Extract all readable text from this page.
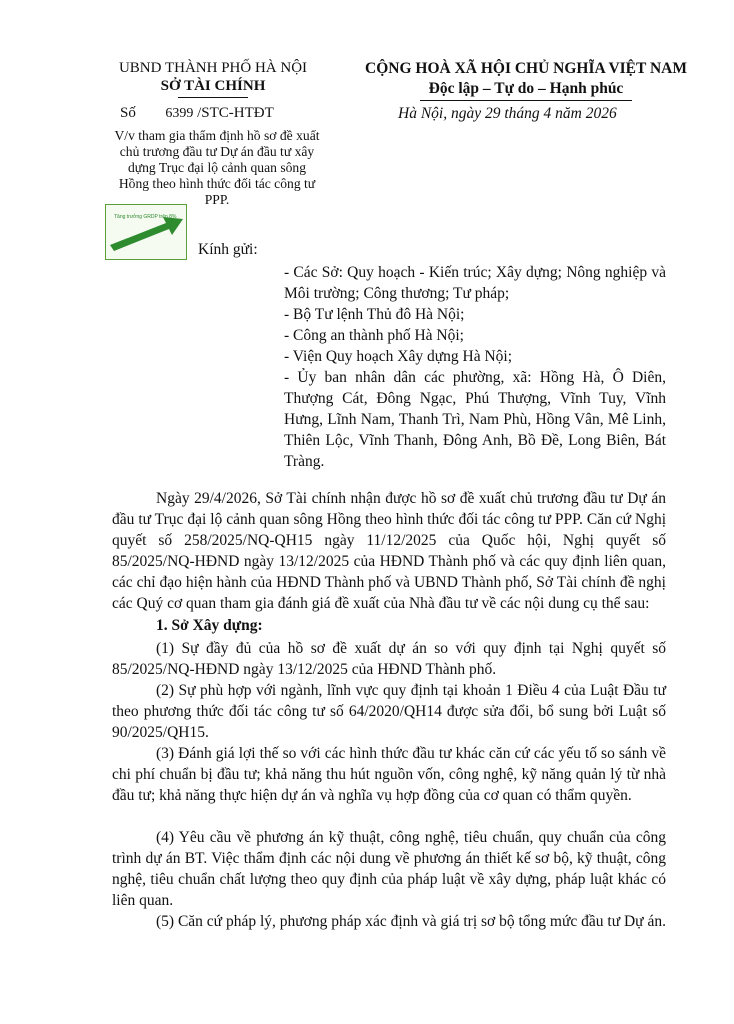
UBND THÀNH PHỐ HÀ NỘI
SỞ TÀI CHÍNH
CỘNG HOÀ XÃ HỘI CHỦ NGHĨA VIỆT NAM
Độc lập – Tự do – Hạnh phúc
Số 6399 /STC-HTĐT	Hà Nội, ngày 29 tháng 4 năm 2026
V/v tham gia thẩm định hồ sơ đề xuất chủ trương đầu tư Dự án đầu tư xây dựng Trục đại lộ cảnh quan sông Hồng theo hình thức đối tác công tư PPP.
Tăng trưởng GRDP trên 8%
Kính gửi:
- Các Sở: Quy hoạch - Kiến trúc; Xây dựng; Nông nghiệp và Môi trường; Công thương; Tư pháp;
- Bộ Tư lệnh Thủ đô Hà Nội;
- Công an thành phố Hà Nội;
- Viện Quy hoạch Xây dựng Hà Nội;
- Ủy ban nhân dân các phường, xã: Hồng Hà, Ô Diên, Thượng Cát, Đông Ngạc, Phú Thượng, Vĩnh Tuy, Vĩnh Hưng, Lĩnh Nam, Thanh Trì, Nam Phù, Hồng Vân, Mê Linh, Thiên Lộc, Vĩnh Thanh, Đông Anh, Bồ Đề, Long Biên, Bát Tràng.
Ngày 29/4/2026, Sở Tài chính nhận được hồ sơ đề xuất chủ trương đầu tư Dự án đầu tư Trục đại lộ cảnh quan sông Hồng theo hình thức đối tác công tư PPP. Căn cứ Nghị quyết số 258/2025/NQ-QH15 ngày 11/12/2025 của Quốc hội, Nghị quyết số 85/2025/NQ-HĐND ngày 13/12/2025 của HĐND Thành phố và các quy định liên quan, các chỉ đạo hiện hành của HĐND Thành phố và UBND Thành phố, Sở Tài chính đề nghị các Quý cơ quan tham gia đánh giá đề xuất của Nhà đầu tư về các nội dung cụ thể sau:
1. Sở Xây dựng:
(1) Sự đầy đủ của hồ sơ đề xuất dự án so với quy định tại Nghị quyết số 85/2025/NQ-HĐND ngày 13/12/2025 của HĐND Thành phố.
(2) Sự phù hợp với ngành, lĩnh vực quy định tại khoản 1 Điều 4 của Luật Đầu tư theo phương thức đối tác công tư số 64/2020/QH14 được sửa đổi, bổ sung bởi Luật số 90/2025/QH15.
(3) Đánh giá lợi thế so với các hình thức đầu tư khác căn cứ các yếu tố so sánh về chi phí chuẩn bị đầu tư; khả năng thu hút nguồn vốn, công nghệ, kỹ năng quản lý từ nhà đầu tư; khả năng thực hiện dự án và nghĩa vụ hợp đồng của cơ quan có thẩm quyền.
(4) Yêu cầu về phương án kỹ thuật, công nghệ, tiêu chuẩn, quy chuẩn của công trình dự án BT. Việc thẩm định các nội dung về phương án thiết kế sơ bộ, kỹ thuật, công nghệ, tiêu chuẩn chất lượng theo quy định của pháp luật về xây dựng, pháp luật khác có liên quan.
(5) Căn cứ pháp lý, phương pháp xác định và giá trị sơ bộ tổng mức đầu tư Dự án.
